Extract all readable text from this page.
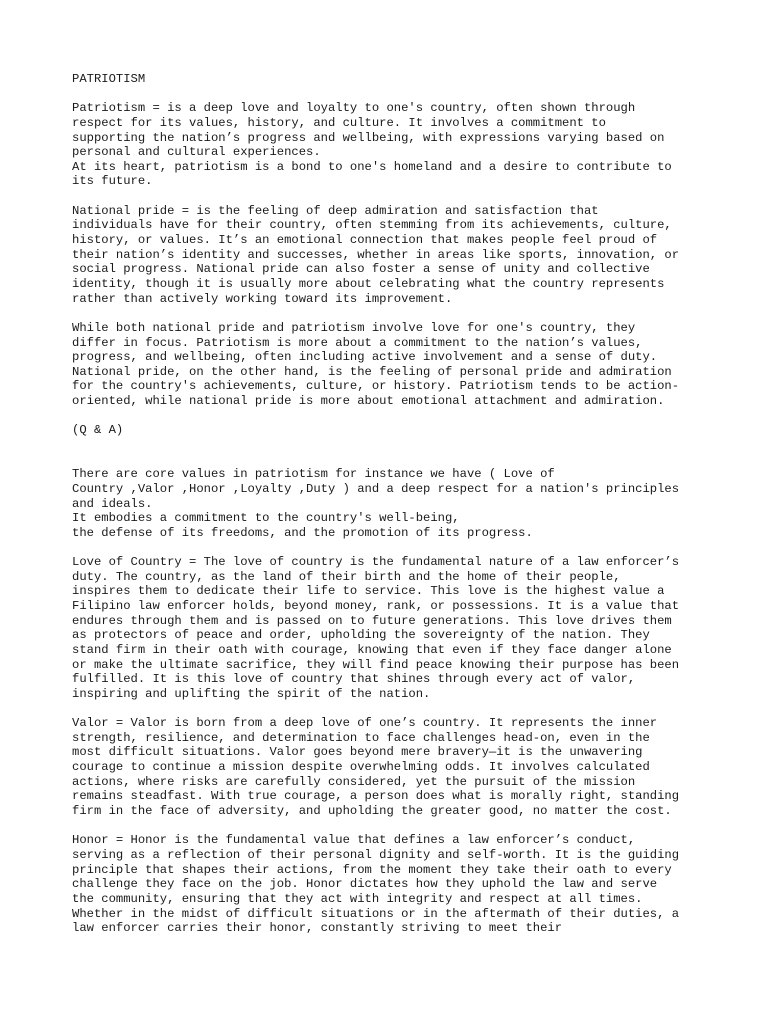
PATRIOTISM
Patriotism = is a deep love and loyalty to one's country, often shown through
respect for its values, history, and culture. It involves a commitment to
supporting the nation’s progress and wellbeing, with expressions varying based on
personal and cultural experiences.
At its heart, patriotism is a bond to one's homeland and a desire to contribute to
its future.
National pride = is the feeling of deep admiration and satisfaction that
individuals have for their country, often stemming from its achievements, culture,
history, or values. It’s an emotional connection that makes people feel proud of
their nation’s identity and successes, whether in areas like sports, innovation, or
social progress. National pride can also foster a sense of unity and collective
identity, though it is usually more about celebrating what the country represents
rather than actively working toward its improvement.
While both national pride and patriotism involve love for one's country, they
differ in focus. Patriotism is more about a commitment to the nation’s values,
progress, and wellbeing, often including active involvement and a sense of duty.
National pride, on the other hand, is the feeling of personal pride and admiration
for the country's achievements, culture, or history. Patriotism tends to be action-
oriented, while national pride is more about emotional attachment and admiration.
(Q & A)
There are core values in patriotism for instance we have ( Love of
Country ,Valor ,Honor ,Loyalty ,Duty ) and a deep respect for a nation's principles
and ideals.
It embodies a commitment to the country's well-being,
the defense of its freedoms, and the promotion of its progress.
Love of Country = The love of country is the fundamental nature of a law enforcer’s
duty. The country, as the land of their birth and the home of their people,
inspires them to dedicate their life to service. This love is the highest value a
Filipino law enforcer holds, beyond money, rank, or possessions. It is a value that
endures through them and is passed on to future generations. This love drives them
as protectors of peace and order, upholding the sovereignty of the nation. They
stand firm in their oath with courage, knowing that even if they face danger alone
or make the ultimate sacrifice, they will find peace knowing their purpose has been
fulfilled. It is this love of country that shines through every act of valor,
inspiring and uplifting the spirit of the nation.
Valor = Valor is born from a deep love of one’s country. It represents the inner
strength, resilience, and determination to face challenges head-on, even in the
most difficult situations. Valor goes beyond mere bravery—it is the unwavering
courage to continue a mission despite overwhelming odds. It involves calculated
actions, where risks are carefully considered, yet the pursuit of the mission
remains steadfast. With true courage, a person does what is morally right, standing
firm in the face of adversity, and upholding the greater good, no matter the cost.
Honor = Honor is the fundamental value that defines a law enforcer’s conduct,
serving as a reflection of their personal dignity and self-worth. It is the guiding
principle that shapes their actions, from the moment they take their oath to every
challenge they face on the job. Honor dictates how they uphold the law and serve
the community, ensuring that they act with integrity and respect at all times.
Whether in the midst of difficult situations or in the aftermath of their duties, a
law enforcer carries their honor, constantly striving to meet their
